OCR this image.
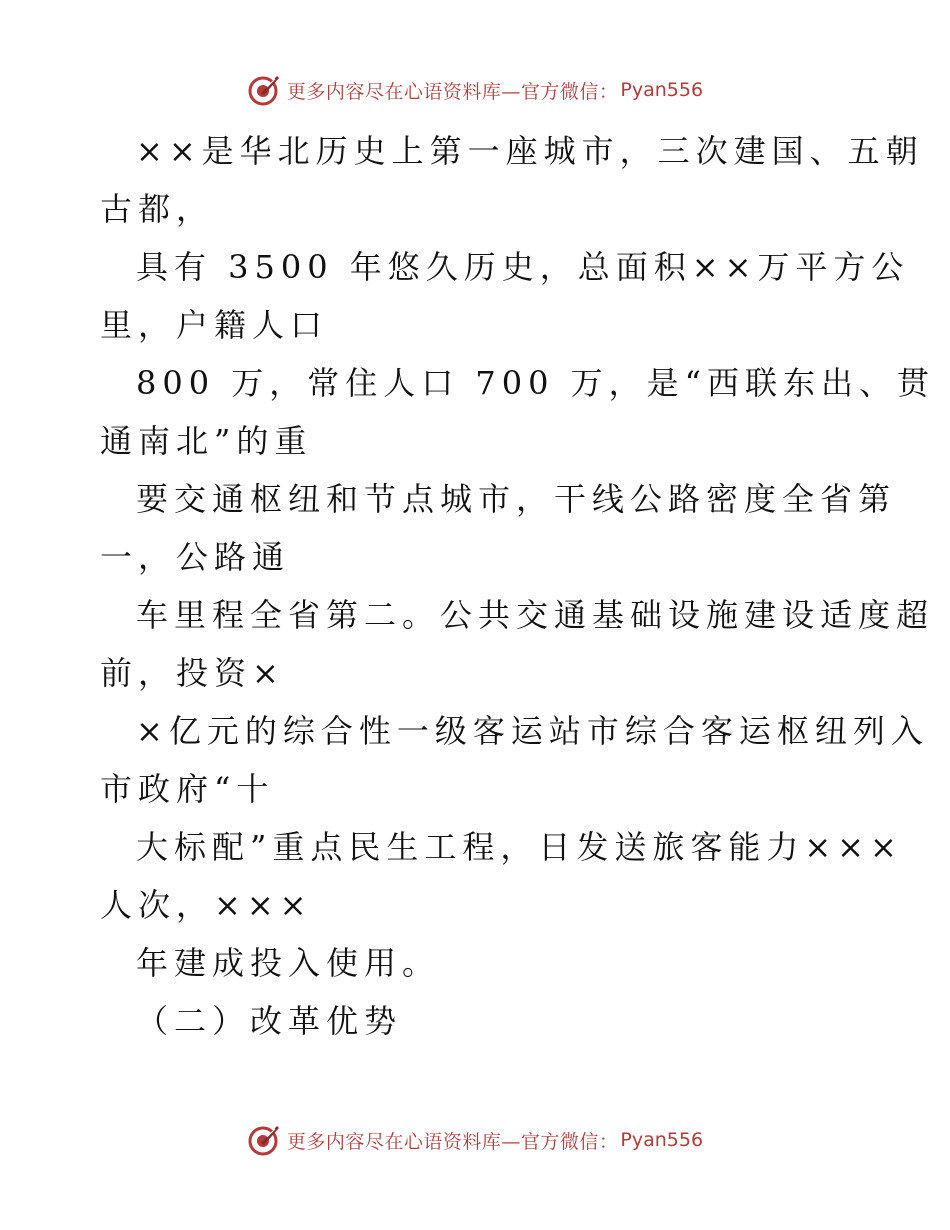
更多内容尽在心语资料库—官方微信： Pyan556
××是华北历史上第一座城市，三次建国、五朝
古都，
具有 3500 年悠久历史，总面积××万平方公
里，户籍人口
800 万，常住人口 700 万，是“西联东出、贯
通南北”的重
要交通枢纽和节点城市，干线公路密度全省第
一，公路通
车里程全省第二。公共交通基础设施建设适度超
前，投资×
×亿元的综合性一级客运站市综合客运枢纽列入
市政府“十
大标配”重点民生工程，日发送旅客能力×××
人次，×××
年建成投入使用。
（二）改革优势
更多内容尽在心语资料库—官方微信： Pyan556
